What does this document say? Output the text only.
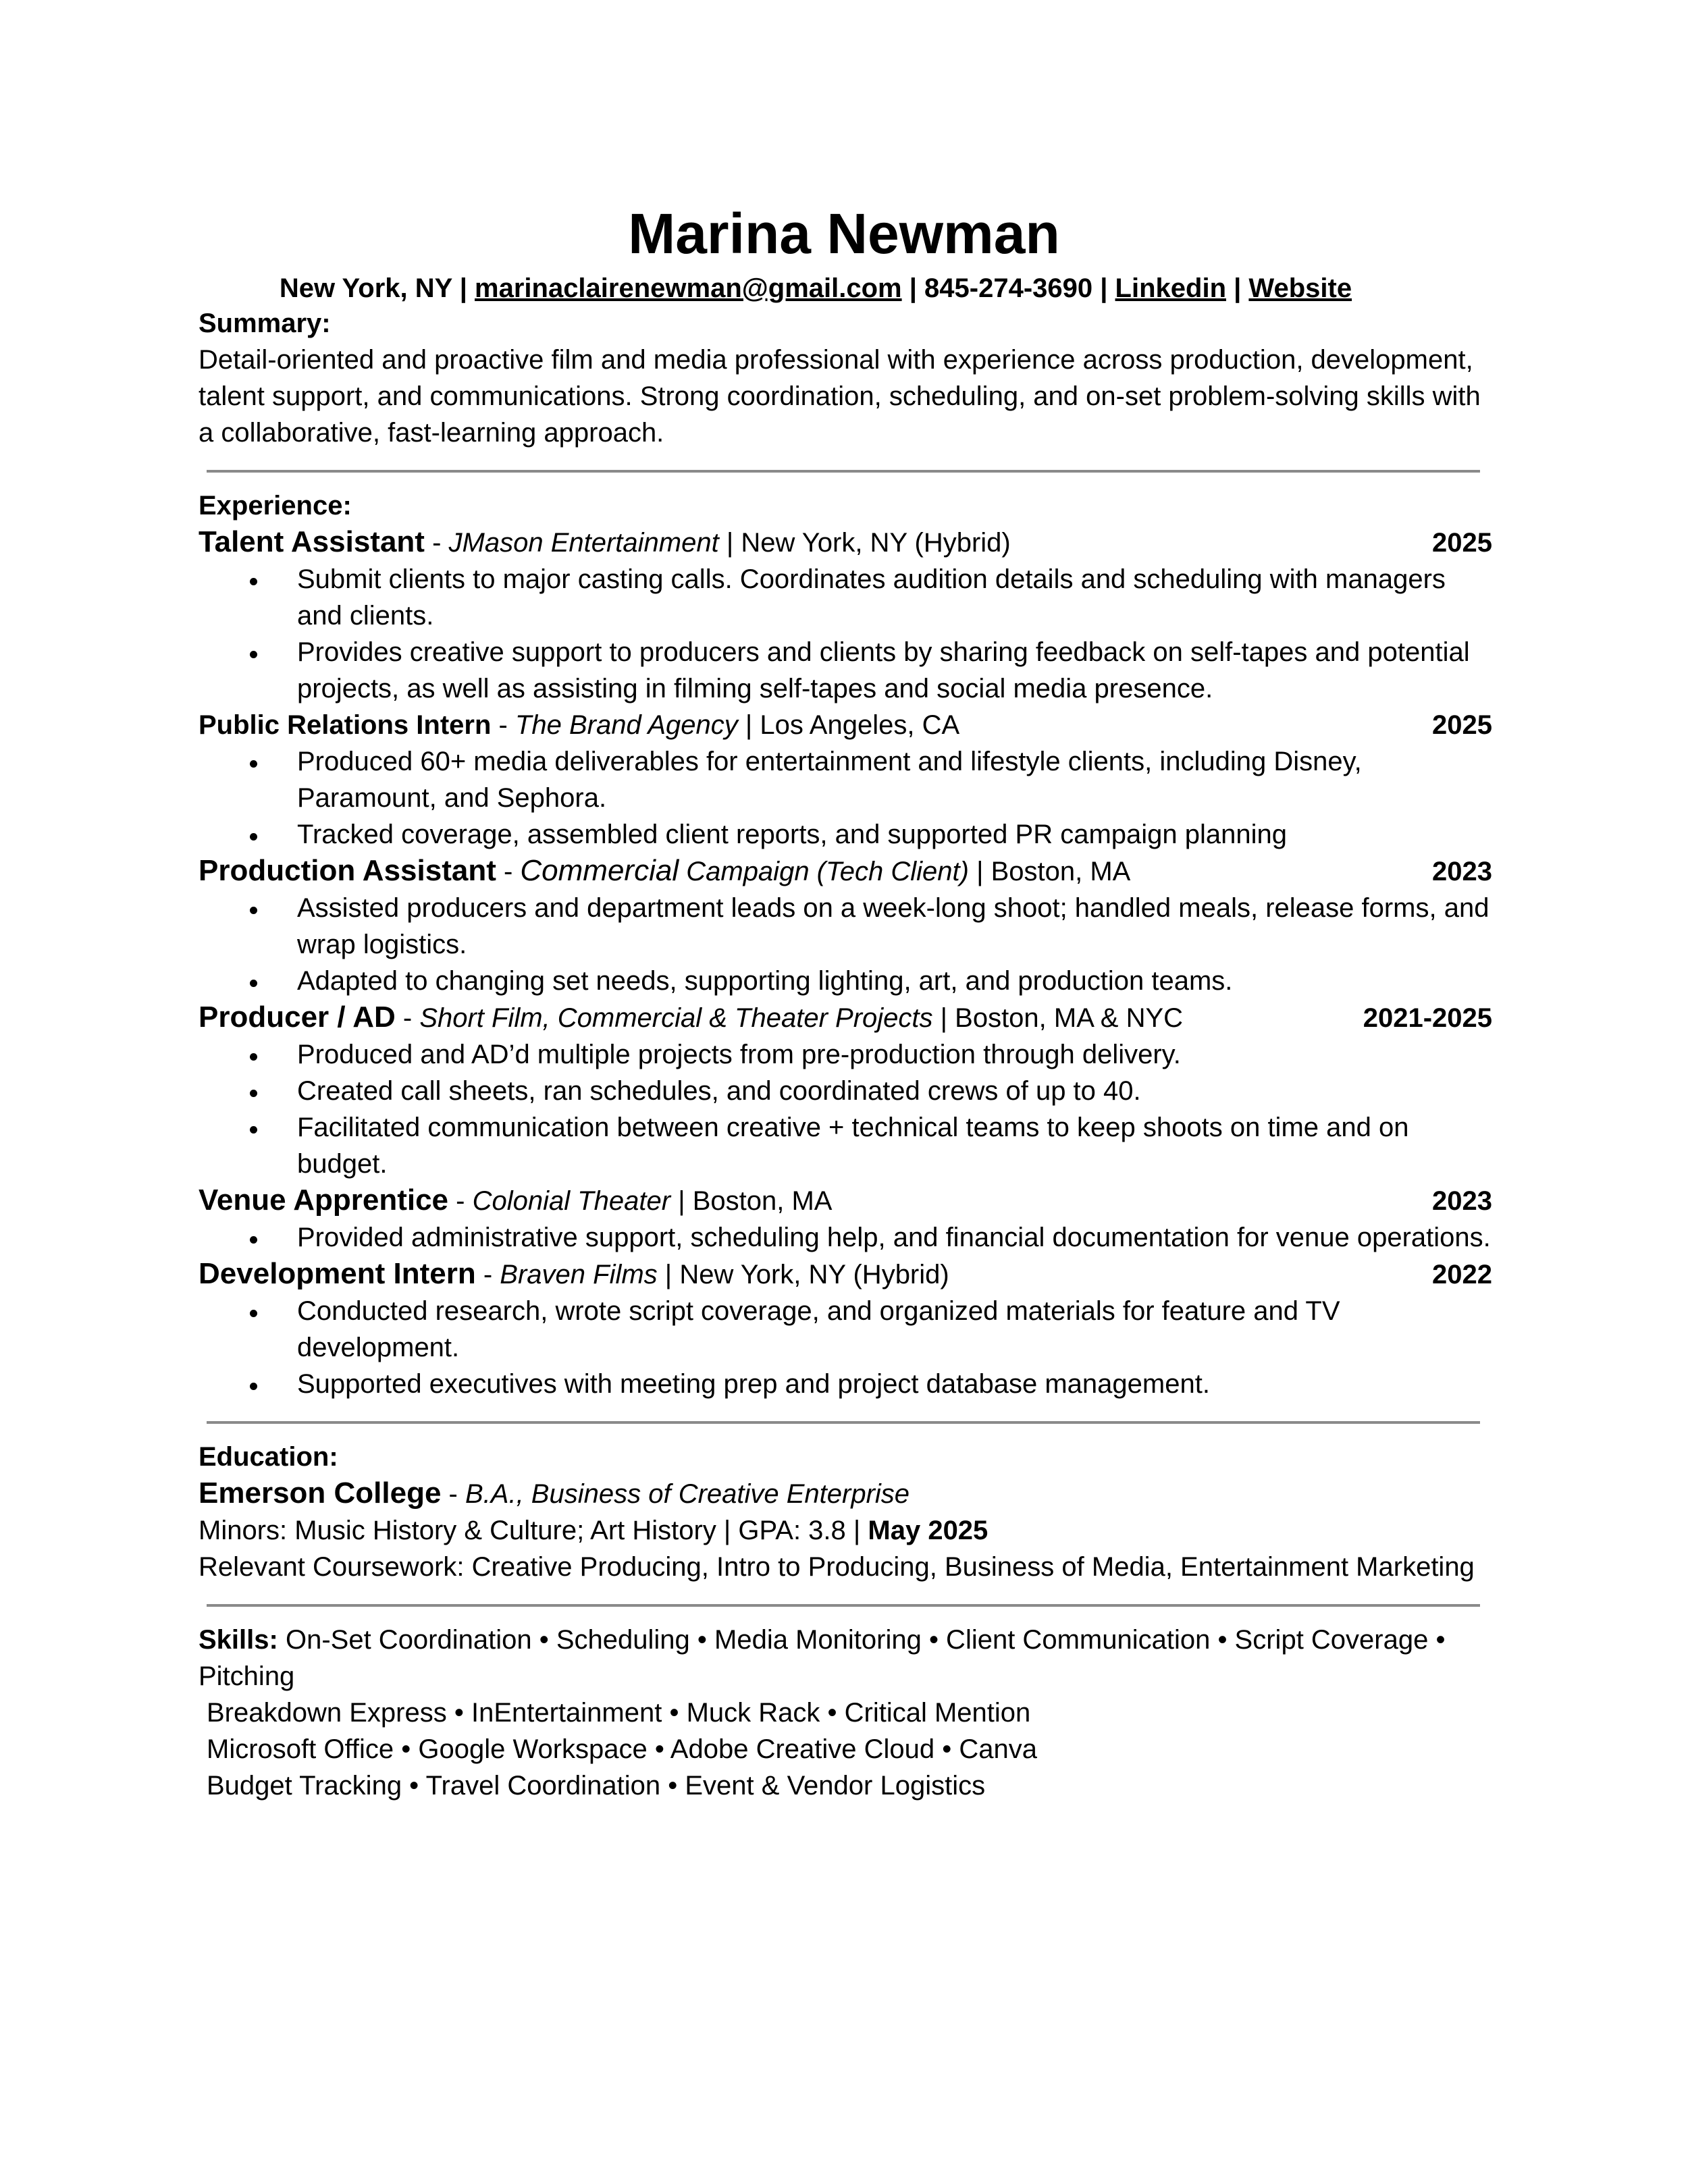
Marina Newman
New York, NY | marinaclairenewman@gmail.com | 845-274-3690 | Linkedin | Website
Summary:
Detail-oriented and proactive film and media professional with experience across production, development, talent support, and communications. Strong coordination, scheduling, and on-set problem-solving skills with a collaborative, fast-learning approach.
Experience:
Talent Assistant - JMason Entertainment | New York, NY (Hybrid)	2025
Submit clients to major casting calls. Coordinates audition details and scheduling with managers and clients.
Provides creative support to producers and clients by sharing feedback on self-tapes and potential projects, as well as assisting in filming self-tapes and social media presence.
Public Relations Intern - The Brand Agency | Los Angeles, CA	2025
Produced 60+ media deliverables for entertainment and lifestyle clients, including Disney, Paramount, and Sephora.
Tracked coverage, assembled client reports, and supported PR campaign planning
Production Assistant - Commercial Campaign (Tech Client) | Boston, MA	2023
Assisted producers and department leads on a week-long shoot; handled meals, release forms, and wrap logistics.
Adapted to changing set needs, supporting lighting, art, and production teams.
Producer / AD - Short Film, Commercial & Theater Projects | Boston, MA & NYC	2021-2025
Produced and AD’d multiple projects from pre-production through delivery.
Created call sheets, ran schedules, and coordinated crews of up to 40.
Facilitated communication between creative + technical teams to keep shoots on time and on budget.
Venue Apprentice - Colonial Theater | Boston, MA	2023
Provided administrative support, scheduling help, and financial documentation for venue operations.
Development Intern - Braven Films | New York, NY (Hybrid)	2022
Conducted research, wrote script coverage, and organized materials for feature and TV development.
Supported executives with meeting prep and project database management.
Education:
Emerson College - B.A., Business of Creative Enterprise
Minors: Music History & Culture; Art History | GPA: 3.8 | May 2025
Relevant Coursework: Creative Producing, Intro to Producing, Business of Media, Entertainment Marketing
Skills: On-Set Coordination • Scheduling • Media Monitoring • Client Communication • Script Coverage • Pitching
Breakdown Express • InEntertainment • Muck Rack • Critical Mention
Microsoft Office • Google Workspace • Adobe Creative Cloud • Canva
Budget Tracking • Travel Coordination • Event & Vendor Logistics
